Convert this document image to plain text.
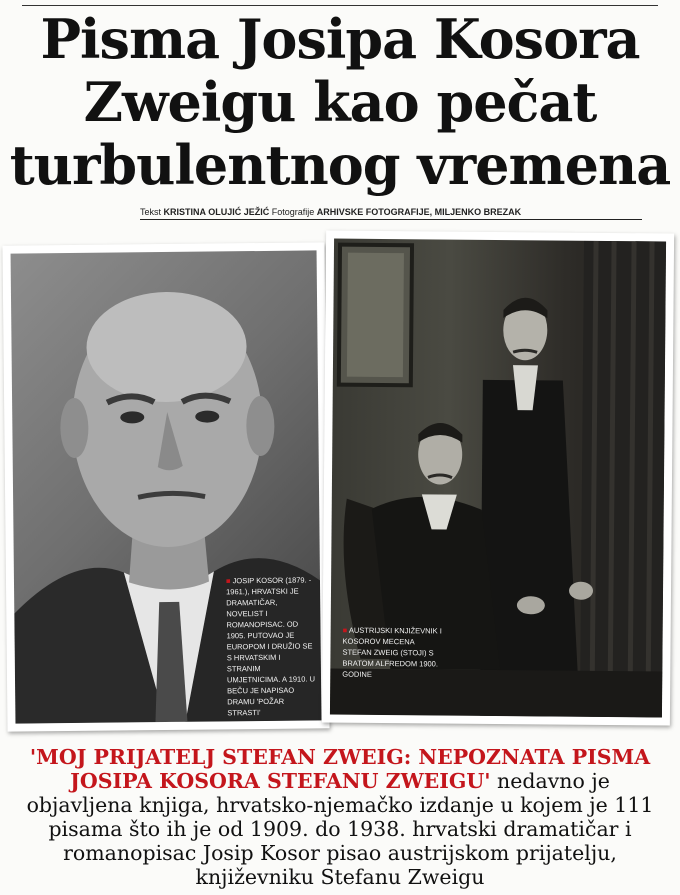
Pisma Josipa Kosora
Zweigu kao pečat
turbulentnog vremena
Tekst KRISTINA OLUJIĆ JEŽIĆ Fotografije ARHIVSKE FOTOGRAFIJE, MILJENKO BREZAK
■ JOSIP KOSOR (1879. - 1961.), HRVATSKI JE DRAMATIČAR, NOVELIST I ROMANOPISAC. OD 1905. PUTOVAO JE EUROPOM I DRUŽIO SE S HRVATSKIM I STRANIM UMJETNICIMA. A 1910. U BEČU JE NAPISAO DRAMU 'POŽAR STRASTI'
■ AUSTRIJSKI KNJIŽEVNIK I KOSOROV MECENA STEFAN ZWEIG (STOJI) S BRATOM ALFREDOM 1900. GODINE

'MOJ PRIJATELJ STEFAN ZWEIG: NEPOZNATA PISMA JOSIPA KOSORA STEFANU ZWEIGU' nedavno je objavljena knjiga, hrvatsko-njemačko izdanje u kojem je 111 pisama što ih je od 1909. do 1938. hrvatski dramatičar i romanopisac Josip Kosor pisao austrijskom prijatelju, književniku Stefanu Zweigu
